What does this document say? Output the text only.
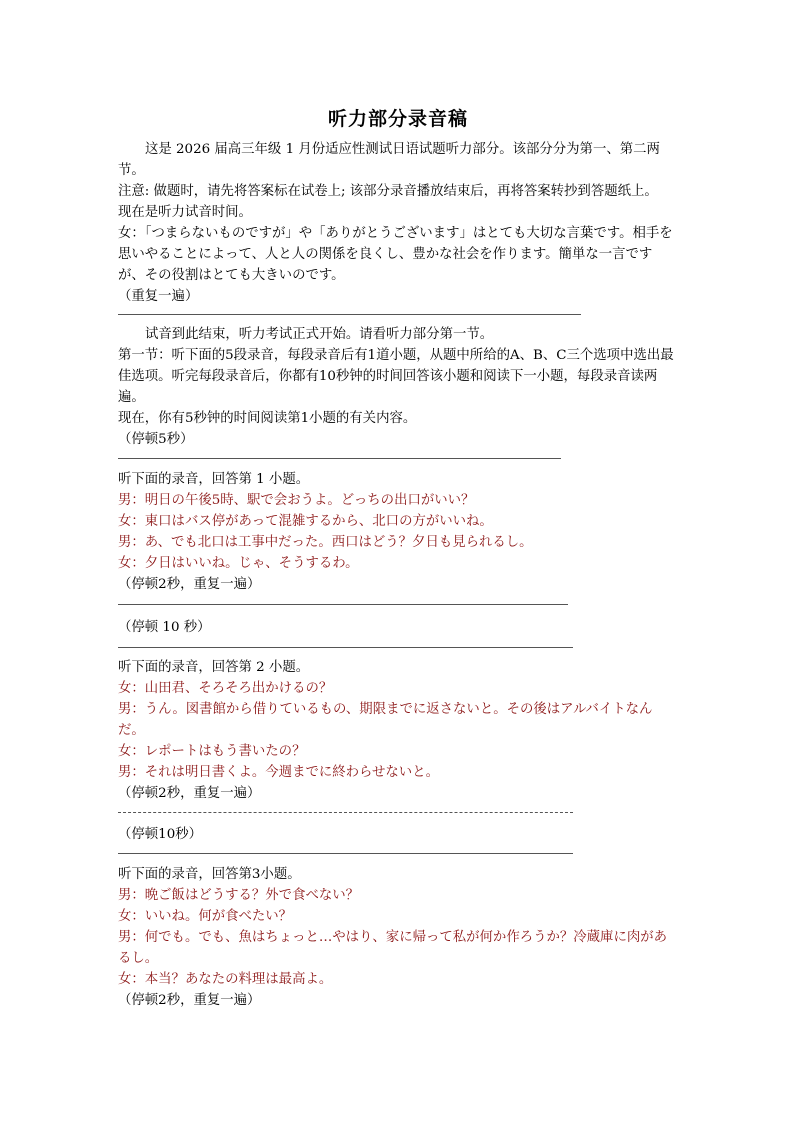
听力部分录音稿
这是 2026 届高三年级 1 月份适应性测试日语试题听力部分。该部分分为第一、第二两节。
注意: 做题时，请先将答案标在试卷上; 该部分录音播放结束后，再将答案转抄到答题纸上。
现在是听力试音时间。
女：「つまらないものですが」や「ありがとうございます」はとても大切な言葉です。相手を思いやることによって、人と人の関係を良くし、豊かな社会を作ります。簡単な一言ですが、その役割はとても大きいのです。
（重复一遍）
试音到此结束，听力考试正式开始。请看听力部分第一节。
第一节：听下面的5段录音，每段录音后有1道小题，从题中所给的A、B、C三个选项中选出最佳选项。听完每段录音后，你都有10秒钟的时间回答该小题和阅读下一小题，每段录音读两遍。
现在，你有5秒钟的时间阅读第1小题的有关内容。
（停顿5秒）
听下面的录音，回答第 1 小题。
男：明日の午後5時、駅で会おうよ。どっちの出口がいい？
女：東口はバス停があって混雑するから、北口の方がいいね。
男：あ、でも北口は工事中だった。西口はどう？夕日も見られるし。
女：夕日はいいね。じゃ、そうするわ。
（停顿2秒，重复一遍）
（停顿 10 秒）
听下面的录音，回答第 2 小题。
女：山田君、そろそろ出かけるの？
男：うん。図書館から借りているもの、期限までに返さないと。その後はアルバイトなんだ。
女：レポートはもう書いたの？
男：それは明日書くよ。今週までに終わらせないと。
（停顿2秒，重复一遍）
（停顿10秒）
听下面的录音，回答第3小题。
男：晩ご飯はどうする？外で食べない？
女：いいね。何が食べたい？
男：何でも。でも、魚はちょっと…やはり、家に帰って私が何か作ろうか？冷蔵庫に肉があるし。
女：本当？あなたの料理は最高よ。
（停顿2秒，重复一遍）
